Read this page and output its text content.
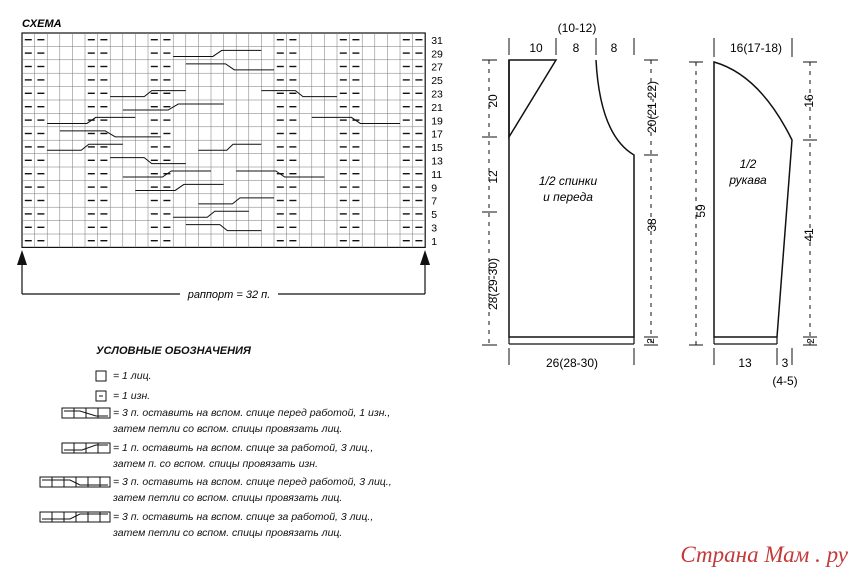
СХЕМА
31
29
27
25
23
21
19
17
15
13
11
9
7
5
3
1
раппорт = 32 п.
(10-12)
10 8	8
20
12
28(29-30)
20(21-22)
38
2
1/2 спинки
и переда
26(28-30)
16(17-18)
59
16
41
2
1/2
рукава
13 3
(4-5)
УСЛОВНЫЕ ОБОЗНАЧЕНИЯ
= 1 лиц.
= 1 изн.
= 3 п. оставить на вспом. спице перед работой, 1 изн., затем петли со вспом. спицы провязать лиц.
= 1 п. оставить на вспом. спице за работой, 3 лиц., затем п. со вспом. спицы провязать изн.
= 3 п. оставить на вспом. спице перед работой, 3 лиц., затем петли со вспом. спицы провязать лиц.
= 3 п. оставить на вспом. спице за работой, 3 лиц., затем петли со вспом. спицы провязать лиц.
Страна Мам . ру
